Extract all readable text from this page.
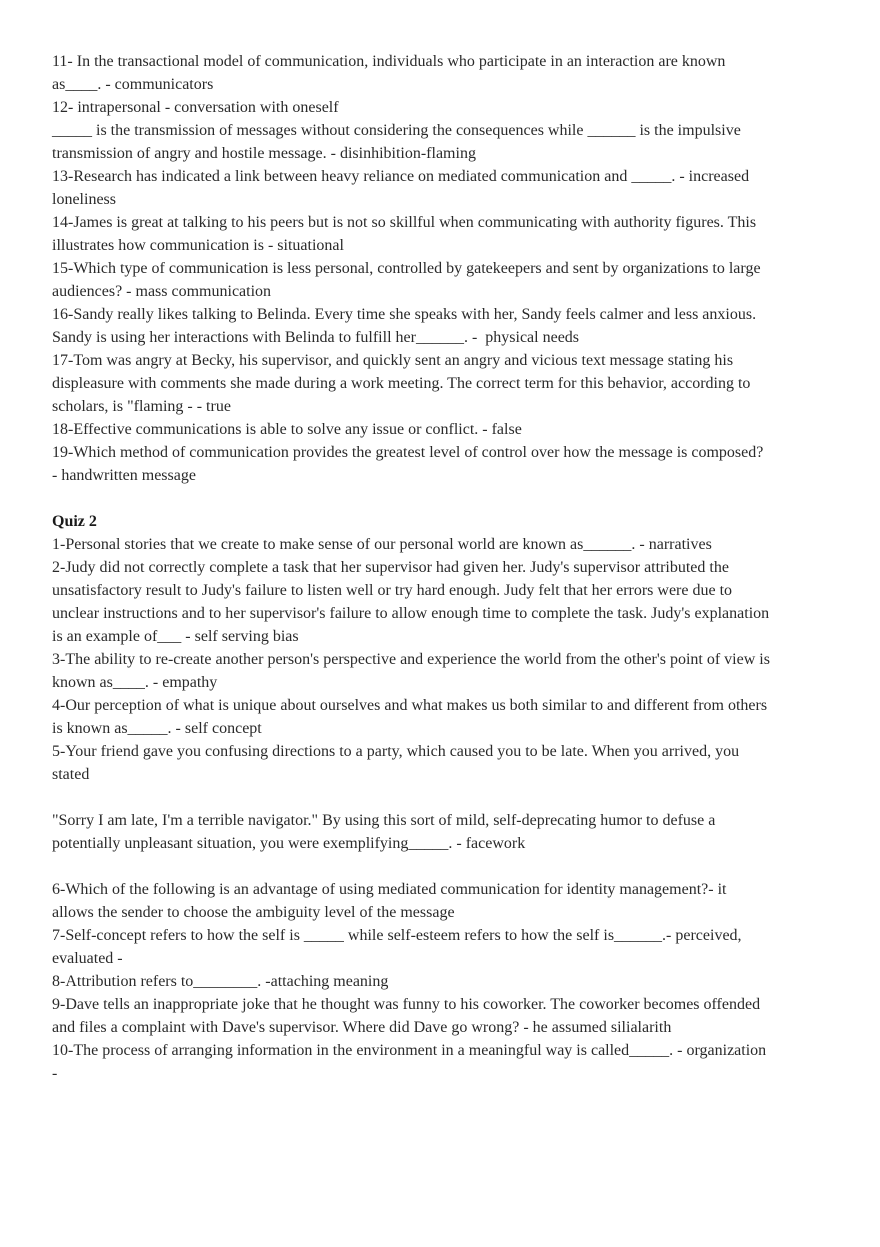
11- In the transactional model of communication, individuals who participate in an interaction are known
as____. - communicators
12- intrapersonal - conversation with oneself
_____ is the transmission of messages without considering the consequences while ______ is the impulsive
transmission of angry and hostile message. - disinhibition-flaming
13-Research has indicated a link between heavy reliance on mediated communication and _____. - increased
loneliness
14-James is great at talking to his peers but is not so skillful when communicating with authority figures. This
illustrates how communication is - situational
15-Which type of communication is less personal, controlled by gatekeepers and sent by organizations to large
audiences? - mass communication
16-Sandy really likes talking to Belinda. Every time she speaks with her, Sandy feels calmer and less anxious.
Sandy is using her interactions with Belinda to fulfill her______. -  physical needs
17-Tom was angry at Becky, his supervisor, and quickly sent an angry and vicious text message stating his
displeasure with comments she made during a work meeting. The correct term for this behavior, according to
scholars, is "flaming - - true
18-Effective communications is able to solve any issue or conflict. - false
19-Which method of communication provides the greatest level of control over how the message is composed?
- handwritten message
Quiz 2
1-Personal stories that we create to make sense of our personal world are known as______. - narratives
2-Judy did not correctly complete a task that her supervisor had given her. Judy's supervisor attributed the
unsatisfactory result to Judy's failure to listen well or try hard enough. Judy felt that her errors were due to
unclear instructions and to her supervisor's failure to allow enough time to complete the task. Judy's explanation
is an example of___ - self serving bias
3-The ability to re-create another person's perspective and experience the world from the other's point of view is
known as____. - empathy
4-Our perception of what is unique about ourselves and what makes us both similar to and different from others
is known as_____. - self concept
5-Your friend gave you confusing directions to a party, which caused you to be late. When you arrived, you
stated
"Sorry I am late, I'm a terrible navigator." By using this sort of mild, self-deprecating humor to defuse a
potentially unpleasant situation, you were exemplifying_____. - facework
6-Which of the following is an advantage of using mediated communication for identity management?- it
allows the sender to choose the ambiguity level of the message
7-Self-concept refers to how the self is _____ while self-esteem refers to how the self is______.- perceived,
evaluated -
8-Attribution refers to________. -attaching meaning
9-Dave tells an inappropriate joke that he thought was funny to his coworker. The coworker becomes offended
and files a complaint with Dave's supervisor. Where did Dave go wrong? - he assumed silialarith
10-The process of arranging information in the environment in a meaningful way is called_____. - organization
-
